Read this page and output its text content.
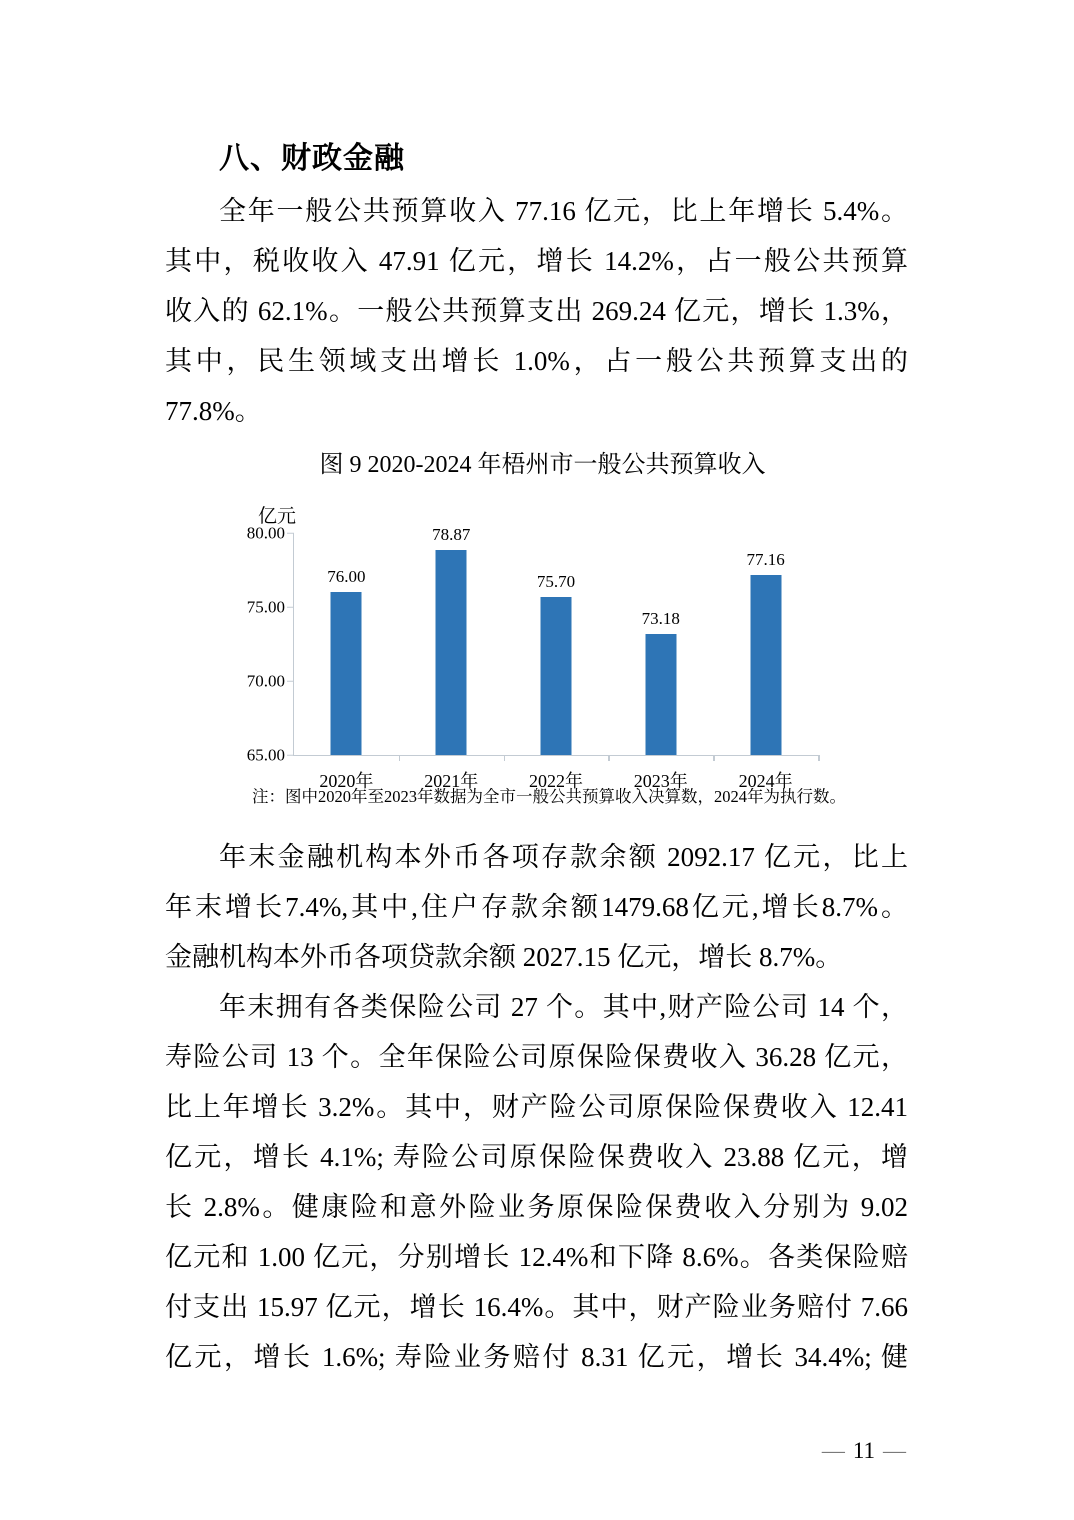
八、财政金融
全年一般公共预算收入 77.16 亿元，比上年增长 5.4%。
其中，税收收入 47.91 亿元，增长 14.2%，占一般公共预算
收入的 62.1%。一般公共预算支出 269.24 亿元，增长 1.3%，
其中，民生领域支出增长 1.0%，占一般公共预算支出的
77.8%。
图 9 2020-2024 年梧州市一般公共预算收入
亿元
65.00
70.00
75.00
80.00
76.00
2020年
78.87
2021年
75.70
2022年
73.18
2023年
77.16
2024年
注：图中2020年至2023年数据为全市一般公共预算收入决算数，2024年为执行数。
年末金融机构本外币各项存款余额 2092.17 亿元，比上
年末增长7.4%,其中,住户存款余额1479.68亿元,增长8.7%。
金融机构本外币各项贷款余额 2027.15 亿元，增长 8.7%。
年末拥有各类保险公司 27 个。其中,财产险公司 14 个，
寿险公司 13 个。全年保险公司原保险保费收入 36.28 亿元，
比上年增长 3.2%。其中，财产险公司原保险保费收入 12.41
亿元，增长 4.1%; 寿险公司原保险保费收入 23.88 亿元，增
长 2.8%。健康险和意外险业务原保险保费收入分别为 9.02
亿元和 1.00 亿元，分别增长 12.4%和下降 8.6%。各类保险赔
付支出 15.97 亿元，增长 16.4%。其中，财产险业务赔付 7.66
亿元，增长 1.6%; 寿险业务赔付 8.31 亿元，增长 34.4%; 健
— 11 —
